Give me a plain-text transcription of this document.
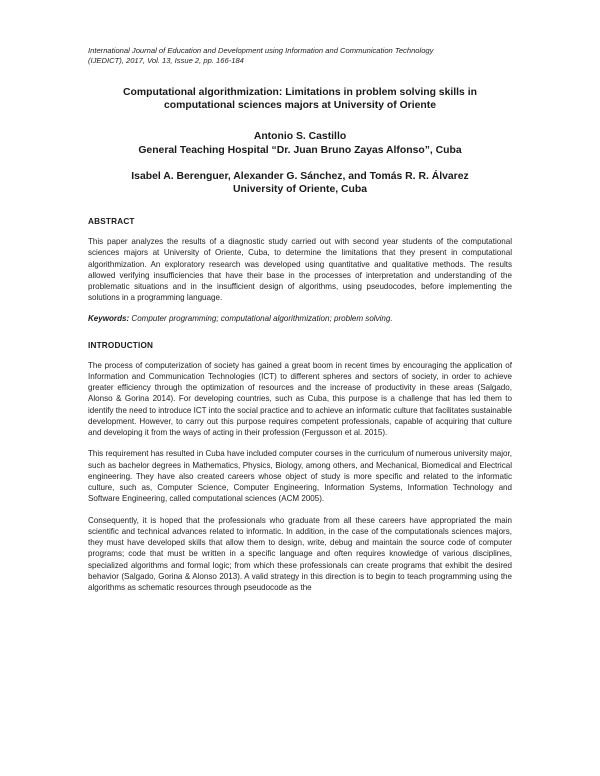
International Journal of Education and Development using Information and Communication Technology
(IJEDICT), 2017, Vol. 13, Issue 2, pp. 166-184
Computational algorithmization: Limitations in problem solving skills in
computational sciences majors at University of Oriente
Antonio S. Castillo
General Teaching Hospital “Dr. Juan Bruno Zayas Alfonso”, Cuba
Isabel A. Berenguer, Alexander G. Sánchez, and Tomás R. R. Álvarez
University of Oriente, Cuba
ABSTRACT
This paper analyzes the results of a diagnostic study carried out with second year students of the computational sciences majors at University of Oriente, Cuba, to determine the limitations that they present in computational algorithmization. An exploratory research was developed using quantitative and qualitative methods. The results allowed verifying insufficiencies that have their base in the processes of interpretation and understanding of the problematic situations and in the insufficient design of algorithms, using pseudocodes, before implementing the solutions in a programming language.
Keywords: Computer programming; computational algorithmization; problem solving.
INTRODUCTION
The process of computerization of society has gained a great boom in recent times by encouraging the application of Information and Communication Technologies (ICT) to different spheres and sectors of society, in order to achieve greater efficiency through the optimization of resources and the increase of productivity in these areas (Salgado, Alonso & Gorina 2014). For developing countries, such as Cuba, this purpose is a challenge that has led them to identify the need to introduce ICT into the social practice and to achieve an informatic culture that facilitates sustainable development. However, to carry out this purpose requires competent professionals, capable of acquiring that culture and developing it from the ways of acting in their profession (Fergusson et al. 2015).
This requirement has resulted in Cuba have included computer courses in the curriculum of numerous university major, such as bachelor degrees in Mathematics, Physics, Biology, among others, and Mechanical, Biomedical and Electrical engineering. They have also created careers whose object of study is more specific and related to the informatic culture, such as, Computer Science, Computer Engineering, Information Systems, Information Technology and Software Engineering, called computational sciences (ACM 2005).
Consequently, it is hoped that the professionals who graduate from all these careers have appropriated the main scientific and technical advances related to informatic. In addition, in the case of the computationals sciences majors, they must have developed skills that allow them to design, write, debug and maintain the source code of computer programs; code that must be written in a specific language and often requires knowledge of various disciplines, specialized algorithms and formal logic; from which these professionals can create programs that exhibit the desired behavior (Salgado, Gorina & Alonso 2013). A valid strategy in this direction is to begin to teach programming using the algorithms as schematic resources through pseudocode as the
